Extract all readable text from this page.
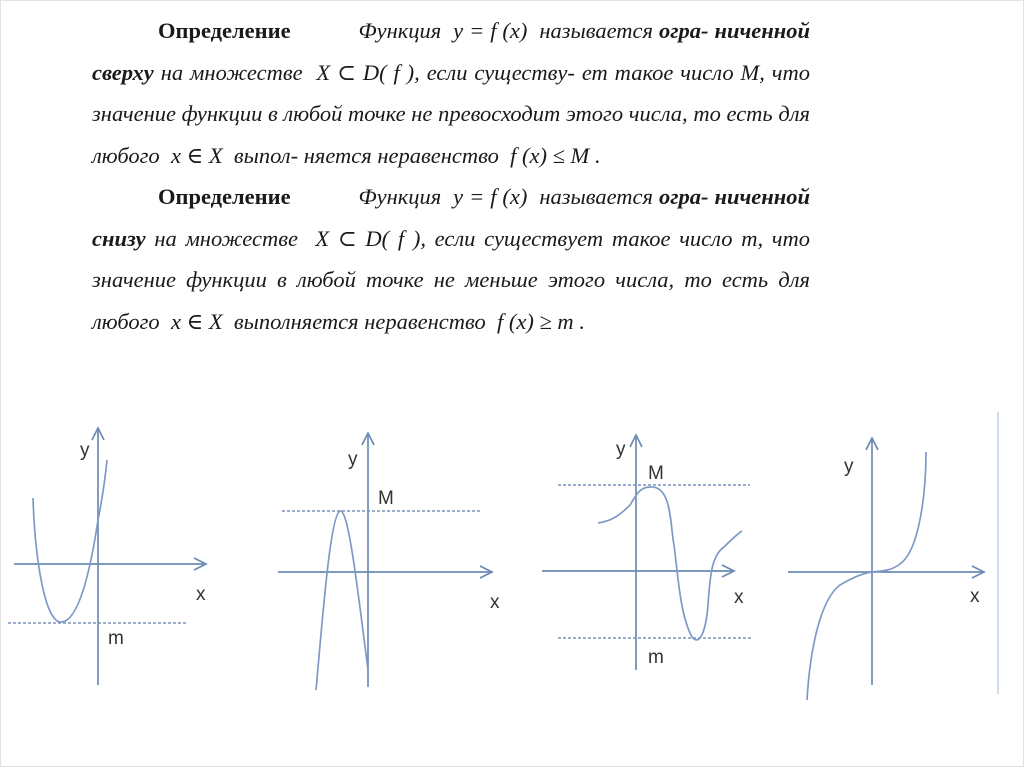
Определение	Функция y = f (x) называется огра- ниченной сверху на множестве X ⊂ D( f ), если существу- ет такое число M, что значение функции в любой точке не превосходит этого числа, то есть для любого x ∈ X выпол- няется неравенство f (x) ≤ M .

Определение	Функция y = f (x) называется огра- ниченной снизу на множестве X ⊂ D( f ), если существует такое число m, что значение функции в любой точке не меньше этого числа, то есть для любого x ∈ X выполняется неравенство f (x) ≥ m .

y
x
m
y
x
M
y
x
M
m
y
x
